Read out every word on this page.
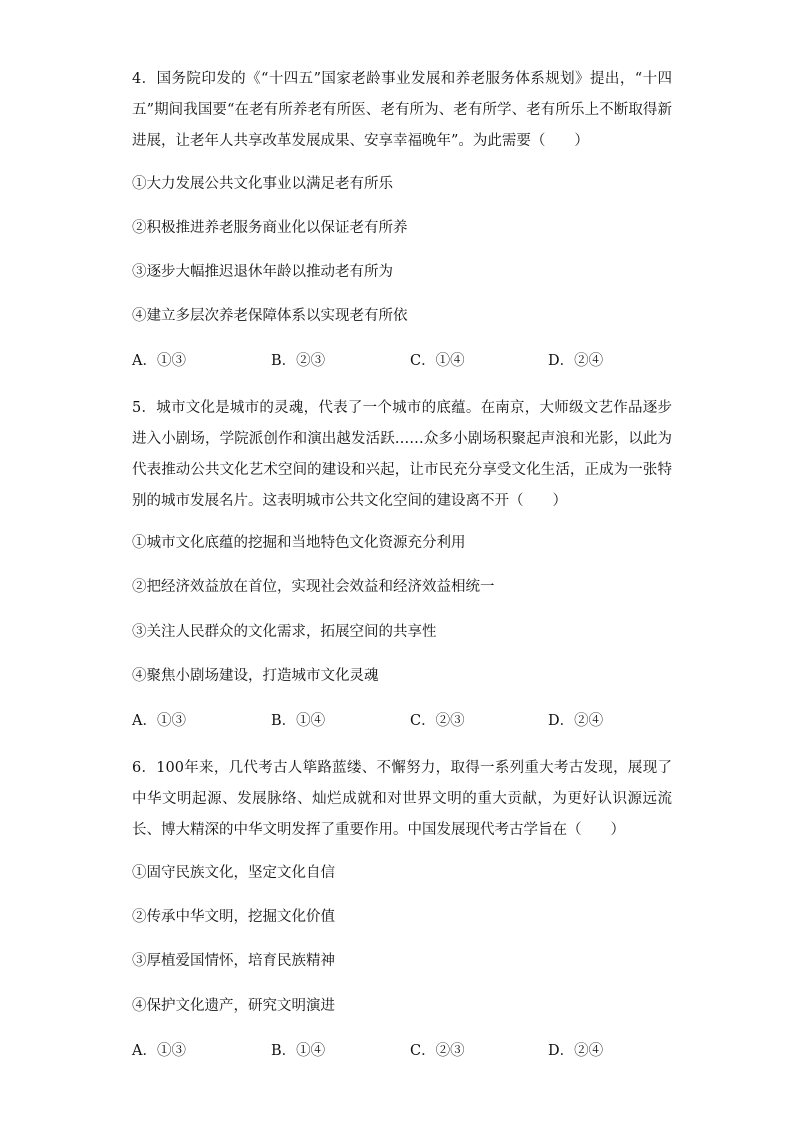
4．国务院印发的《“十四五”国家老龄事业发展和养老服务体系规划》提出，“十四五”期间我国要“在老有所养老有所医、老有所为、老有所学、老有所乐上不断取得新进展，让老年人共享改革发展成果、安享幸福晚年”。为此需要（　　）

①大力发展公共文化事业以满足老有所乐

②积极推进养老服务商业化以保证老有所养

③逐步大幅推迟退休年龄以推动老有所为

④建立多层次养老保障体系以实现老有所依

A．①③	B．②③	C．①④	D．②④

5．城市文化是城市的灵魂，代表了一个城市的底蕴。在南京，大师级文艺作品逐步进入小剧场，学院派创作和演出越发活跃……众多小剧场积聚起声浪和光影，以此为代表推动公共文化艺术空间的建设和兴起，让市民充分享受文化生活，正成为一张特别的城市发展名片。这表明城市公共文化空间的建设离不开（　　）

①城市文化底蕴的挖掘和当地特色文化资源充分利用

②把经济效益放在首位，实现社会效益和经济效益相统一

③关注人民群众的文化需求，拓展空间的共享性

④聚焦小剧场建设，打造城市文化灵魂

A．①③	B．①④	C．②③	D．②④

6．100年来，几代考古人筚路蓝缕、不懈努力，取得一系列重大考古发现，展现了中华文明起源、发展脉络、灿烂成就和对世界文明的重大贡献，为更好认识源远流长、博大精深的中华文明发挥了重要作用。中国发展现代考古学旨在（　　）

①固守民族文化，坚定文化自信

②传承中华文明，挖掘文化价值

③厚植爱国情怀，培育民族精神

④保护文化遗产，研究文明演进

A．①③	B．①④	C．②③	D．②④
